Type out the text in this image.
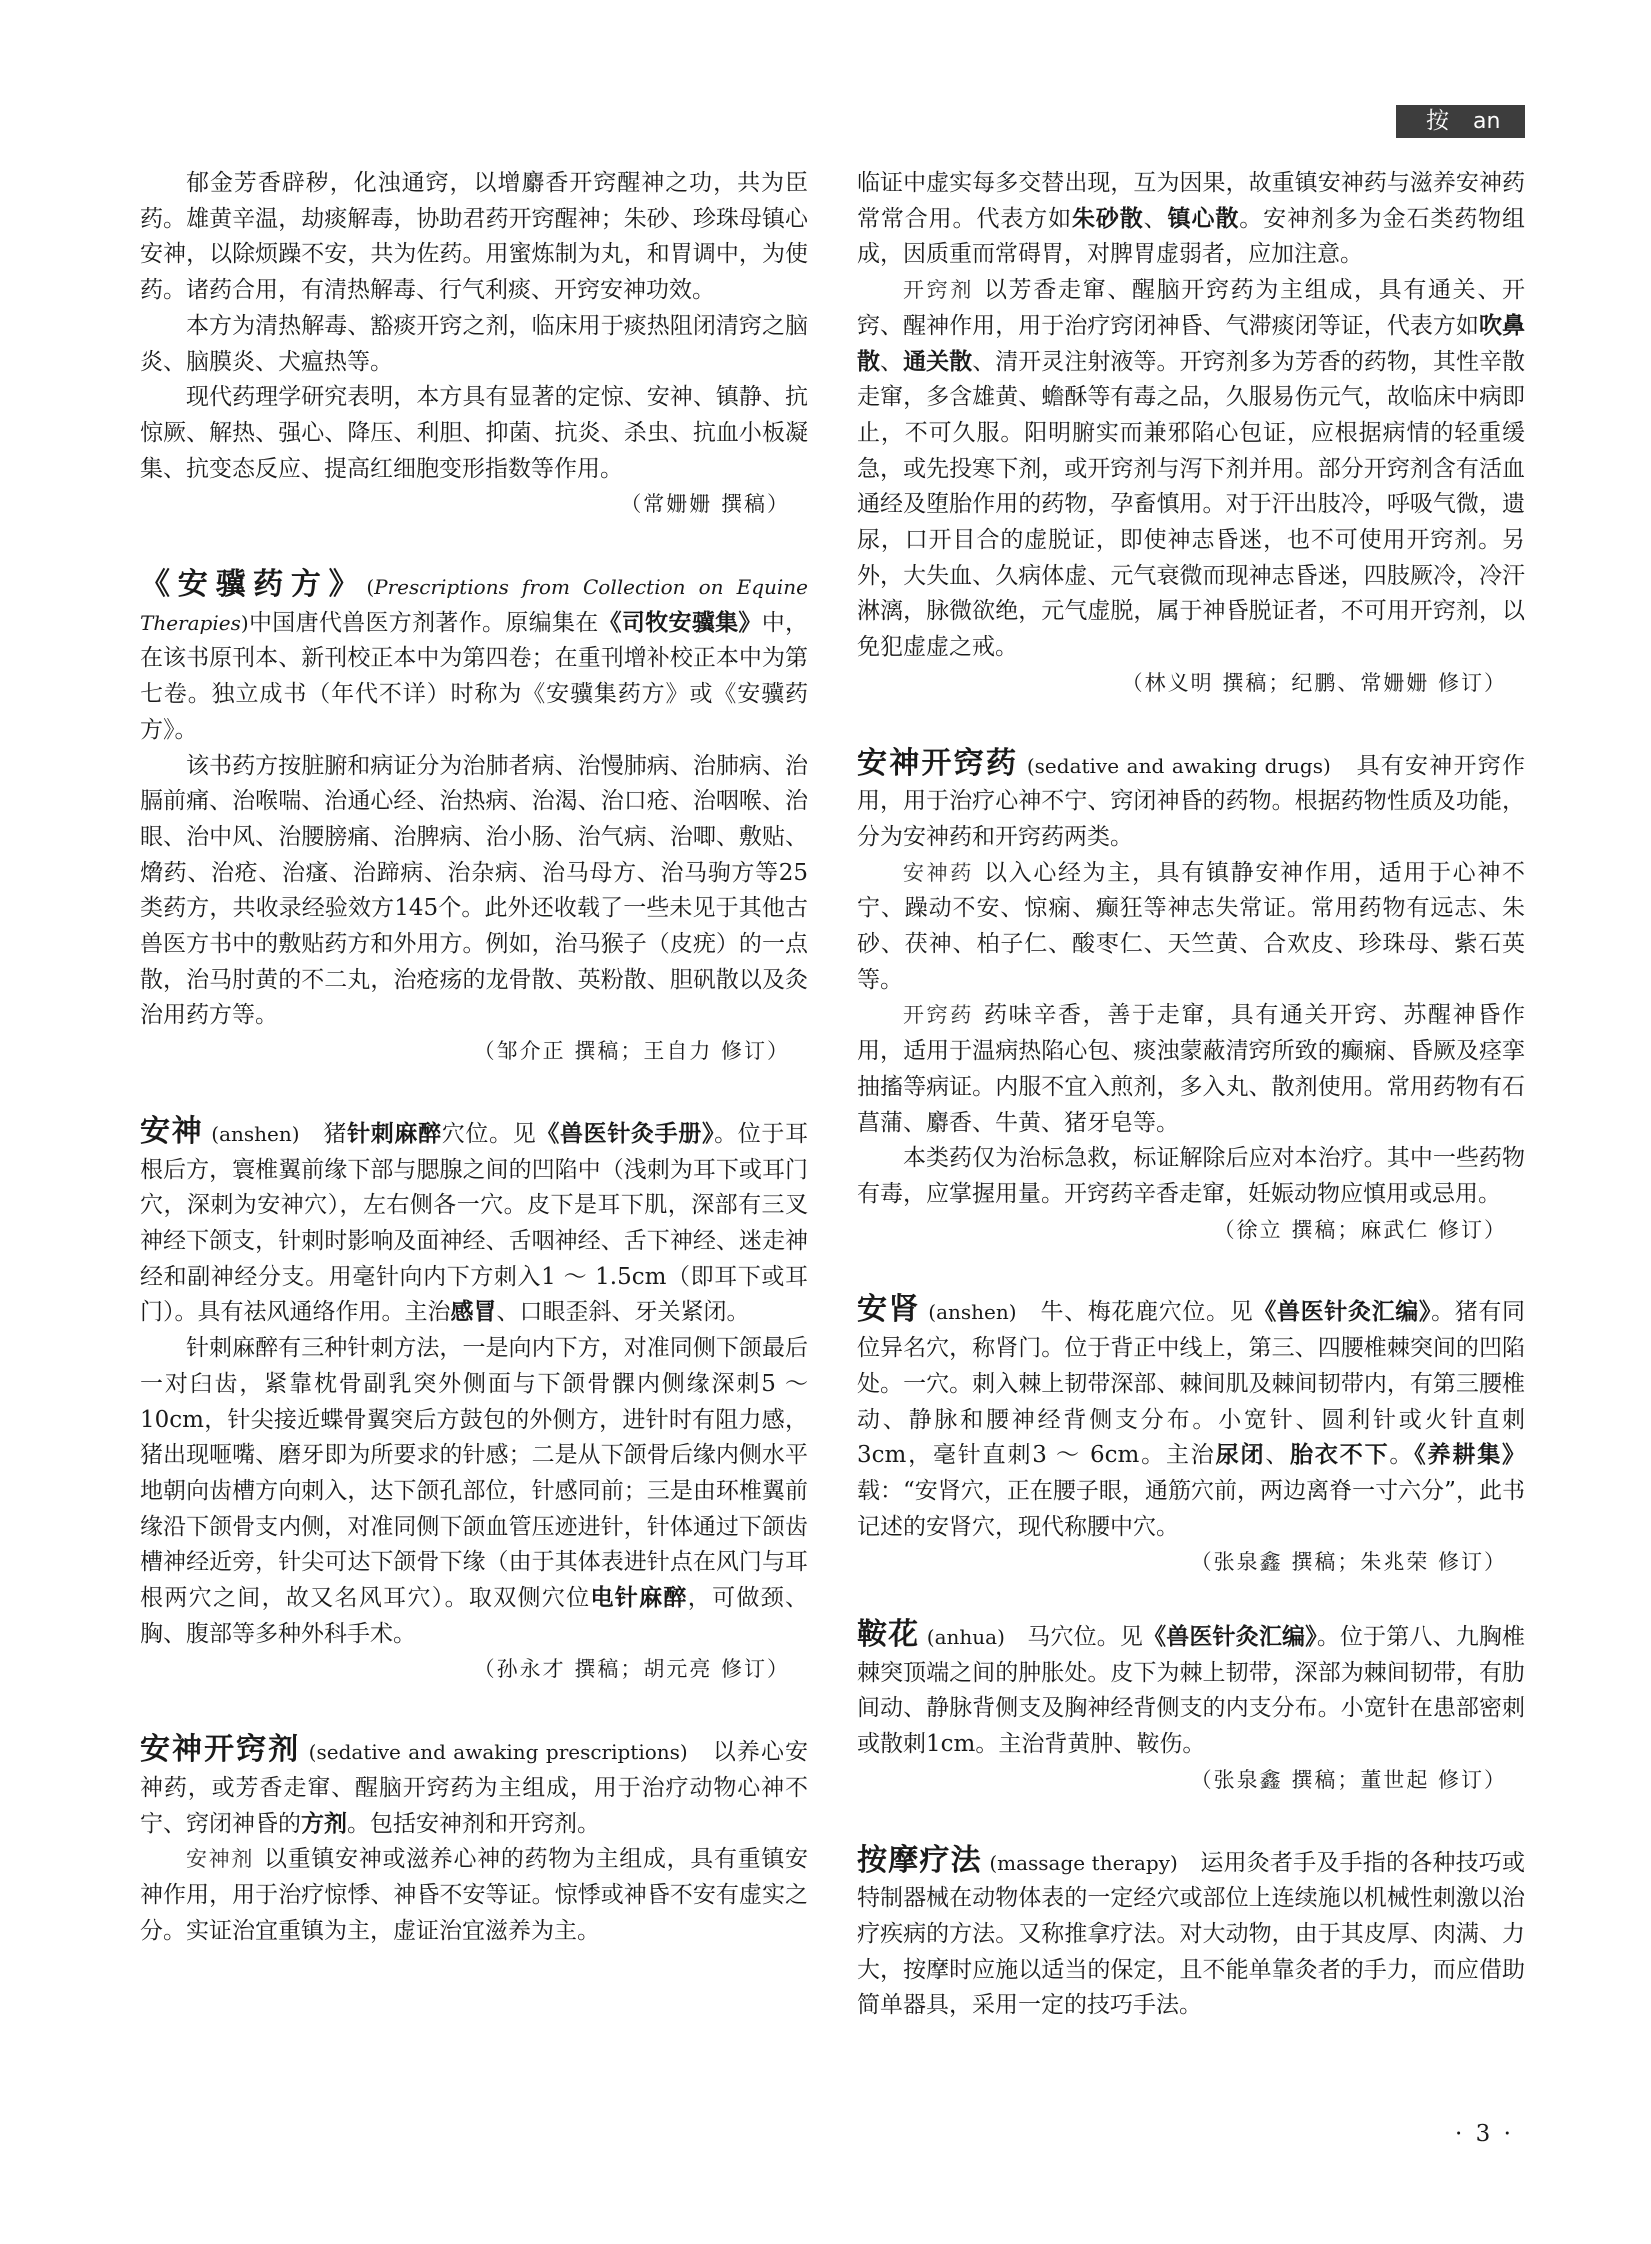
按 an

郁金芳香辟秽，化浊通窍，以增麝香开窍醒神之功，共为臣药。雄黄辛温，劫痰解毒，协助君药开窍醒神；朱砂、珍珠母镇心安神，以除烦躁不安，共为佐药。用蜜炼制为丸，和胃调中，为使药。诸药合用，有清热解毒、行气利痰、开窍安神功效。

本方为清热解毒、豁痰开窍之剂，临床用于痰热阻闭清窍之脑炎、脑膜炎、犬瘟热等。

现代药理学研究表明，本方具有显著的定惊、安神、镇静、抗惊厥、解热、强心、降压、利胆、抑菌、抗炎、杀虫、抗血小板凝集、抗变态反应、提高红细胞变形指数等作用。

（常姗姗 撰稿）

《安骥药方》(Prescriptions from Collection on Equine Therapies)中国唐代兽医方剂著作。原编集在《司牧安骥集》中，在该书原刊本、新刊校正本中为第四卷；在重刊增补校正本中为第七卷。独立成书（年代不详）时称为《安骥集药方》或《安骥药方》。

该书药方按脏腑和病证分为治肺者病、治慢肺病、治肺病、治膈前痛、治喉喘、治通心经、治热病、治渴、治口疮、治咽喉、治眼、治中风、治腰膀痛、治脾病、治小肠、治气病、治唧、敷贴、熁药、治疮、治瘙、治蹄病、治杂病、治马母方、治马驹方等25类药方，共收录经验效方145个。此外还收载了一些未见于其他古兽医方书中的敷贴药方和外用方。例如，治马猴子（皮疣）的一点散，治马肘黄的不二丸，治疮疡的龙骨散、英粉散、胆矾散以及灸治用药方等。

（邹介正 撰稿；王自力 修订）

安神 (anshen) 猪针刺麻醉穴位。见《兽医针灸手册》。位于耳根后方，寰椎翼前缘下部与腮腺之间的凹陷中（浅刺为耳下或耳门穴，深刺为安神穴），左右侧各一穴。皮下是耳下肌，深部有三叉神经下颌支，针刺时影响及面神经、舌咽神经、舌下神经、迷走神经和副神经分支。用毫针向内下方刺入1 ～ 1.5cm（即耳下或耳门）。具有祛风通络作用。主治感冒、口眼歪斜、牙关紧闭。

针刺麻醉有三种针刺方法，一是向内下方，对准同侧下颌最后一对臼齿，紧靠枕骨副乳突外侧面与下颌骨髁内侧缘深刺5 ～ 10cm，针尖接近蝶骨翼突后方鼓包的外侧方，进针时有阻力感，猪出现咂嘴、磨牙即为所要求的针感；二是从下颌骨后缘内侧水平地朝向齿槽方向刺入，达下颌孔部位，针感同前；三是由环椎翼前缘沿下颌骨支内侧，对准同侧下颌血管压迹进针，针体通过下颌齿槽神经近旁，针尖可达下颌骨下缘（由于其体表进针点在风门与耳根两穴之间，故又名风耳穴）。取双侧穴位电针麻醉，可做颈、胸、腹部等多种外科手术。

（孙永才 撰稿；胡元亮 修订）

安神开窍剂 (sedative and awaking prescriptions) 以养心安神药，或芳香走窜、醒脑开窍药为主组成，用于治疗动物心神不宁、窍闭神昏的方剂。包括安神剂和开窍剂。

安神剂 以重镇安神或滋养心神的药物为主组成，具有重镇安神作用，用于治疗惊悸、神昏不安等证。惊悸或神昏不安有虚实之分。实证治宜重镇为主，虚证治宜滋养为主。

临证中虚实每多交替出现，互为因果，故重镇安神药与滋养安神药常常合用。代表方如朱砂散、镇心散。安神剂多为金石类药物组成，因质重而常碍胃，对脾胃虚弱者，应加注意。

开窍剂 以芳香走窜、醒脑开窍药为主组成，具有通关、开窍、醒神作用，用于治疗窍闭神昏、气滞痰闭等证，代表方如吹鼻散、通关散、清开灵注射液等。开窍剂多为芳香的药物，其性辛散走窜，多含雄黄、蟾酥等有毒之品，久服易伤元气，故临床中病即止，不可久服。阳明腑实而兼邪陷心包证，应根据病情的轻重缓急，或先投寒下剂，或开窍剂与泻下剂并用。部分开窍剂含有活血通经及堕胎作用的药物，孕畜慎用。对于汗出肢冷，呼吸气微，遗尿，口开目合的虚脱证，即使神志昏迷，也不可使用开窍剂。另外，大失血、久病体虚、元气衰微而现神志昏迷，四肢厥冷，冷汗淋漓，脉微欲绝，元气虚脱，属于神昏脱证者，不可用开窍剂，以免犯虚虚之戒。

（林义明 撰稿；纪鹏、常姗姗 修订）

安神开窍药 (sedative and awaking drugs) 具有安神开窍作用，用于治疗心神不宁、窍闭神昏的药物。根据药物性质及功能，分为安神药和开窍药两类。

安神药 以入心经为主，具有镇静安神作用，适用于心神不宁、躁动不安、惊痫、癫狂等神志失常证。常用药物有远志、朱砂、茯神、柏子仁、酸枣仁、天竺黄、合欢皮、珍珠母、紫石英等。

开窍药 药味辛香，善于走窜，具有通关开窍、苏醒神昏作用，适用于温病热陷心包、痰浊蒙蔽清窍所致的癫痫、昏厥及痉挛抽搐等病证。内服不宜入煎剂，多入丸、散剂使用。常用药物有石菖蒲、麝香、牛黄、猪牙皂等。

本类药仅为治标急救，标证解除后应对本治疗。其中一些药物有毒，应掌握用量。开窍药辛香走窜，妊娠动物应慎用或忌用。

（徐立 撰稿；麻武仁 修订）

安肾 (anshen) 牛、梅花鹿穴位。见《兽医针灸汇编》。猪有同位异名穴，称肾门。位于背正中线上，第三、四腰椎棘突间的凹陷处。一穴。刺入棘上韧带深部、棘间肌及棘间韧带内，有第三腰椎动、静脉和腰神经背侧支分布。小宽针、圆利针或火针直刺3cm，毫针直刺3 ～ 6cm。主治尿闭、胎衣不下。《养耕集》载：“安肾穴，正在腰子眼，通筋穴前，两边离脊一寸六分”，此书记述的安肾穴，现代称腰中穴。

（张泉鑫 撰稿；朱兆荣 修订）

鞍花 (anhua) 马穴位。见《兽医针灸汇编》。位于第八、九胸椎棘突顶端之间的肿胀处。皮下为棘上韧带，深部为棘间韧带，有肋间动、静脉背侧支及胸神经背侧支的内支分布。小宽针在患部密刺或散刺1cm。主治背黄肿、鞍伤。

（张泉鑫 撰稿；董世起 修订）

按摩疗法 (massage therapy) 运用灸者手及手指的各种技巧或特制器械在动物体表的一定经穴或部位上连续施以机械性刺激以治疗疾病的方法。又称推拿疗法。对大动物，由于其皮厚、肉满、力大，按摩时应施以适当的保定，且不能单靠灸者的手力，而应借助简单器具，采用一定的技巧手法。

· 3 ·
